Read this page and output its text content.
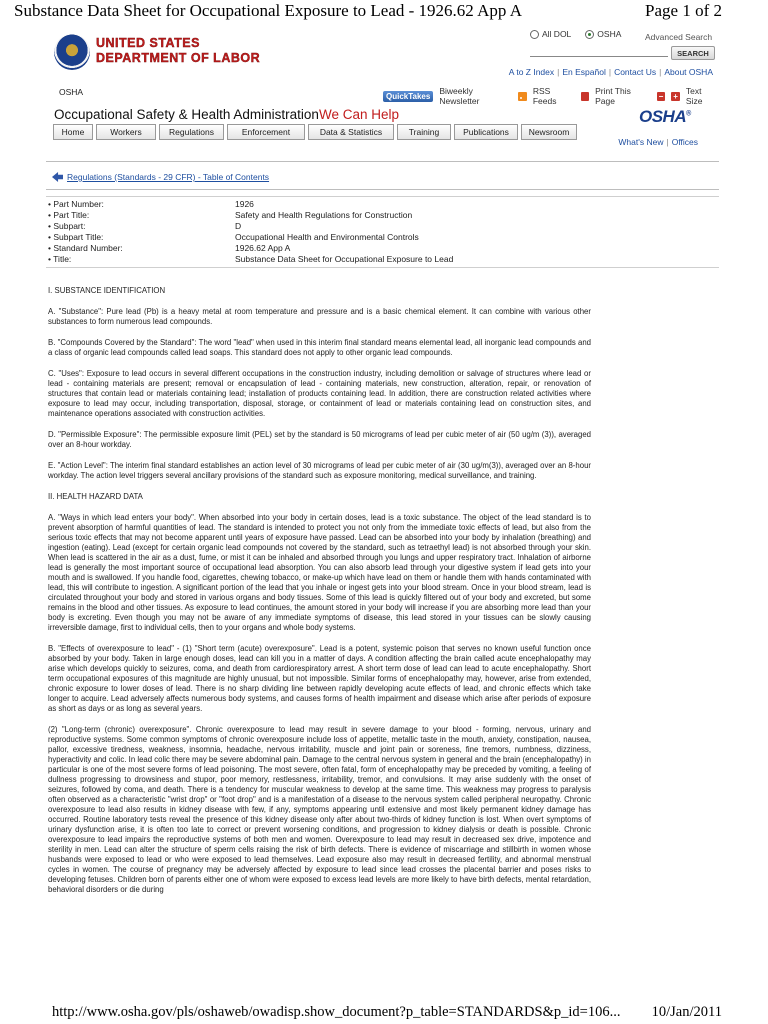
Substance Data Sheet for Occupational Exposure to Lead - 1926.62 App A	Page 1 of 2
UNITED STATES
DEPARTMENT OF LABOR
All DOL	OSHA	Advanced Search
SEARCH
A to Z Index | En Español | Contact Us | About OSHA
OSHA	QuickTakes	Biweekly Newsletter
RSS Feeds
Print This Page	− + Text Size
Occupational Safety & Health Administration We Can Help	OSHA®
Home	Workers	Regulations	Enforcement	Data & Statistics	Training	Publications	Newsroom
What's New | Offices
Regulations (Standards - 29 CFR) - Table of Contents
• Part Number:	1926
• Part Title:	Safety and Health Regulations for Construction
• Subpart:	D
• Subpart Title:	Occupational Health and Environmental Controls
• Standard Number:	1926.62 App A
• Title:	Substance Data Sheet for Occupational Exposure to Lead

I. SUBSTANCE IDENTIFICATION

A. "Substance": Pure lead (Pb) is a heavy metal at room temperature and pressure and is a basic chemical element. It can combine with various other substances to form numerous lead compounds.

B. "Compounds Covered by the Standard": The word "lead" when used in this interim final standard means elemental lead, all inorganic lead compounds and a class of organic lead compounds called lead soaps. This standard does not apply to other organic lead compounds.

C. "Uses": Exposure to lead occurs in several different occupations in the construction industry, including demolition or salvage of structures where lead or lead - containing materials are present; removal or encapsulation of lead - containing materials, new construction, alteration, repair, or renovation of structures that contain lead or materials containing lead; installation of products containing lead. In addition, there are construction related activities where exposure to lead may occur, including transportation, disposal, storage, or containment of lead or materials containing lead on construction sites, and maintenance operations associated with construction activities.

D. "Permissible Exposure": The permissible exposure limit (PEL) set by the standard is 50 micrograms of lead per cubic meter of air (50 ug/m (3)), averaged over an 8-hour workday.

E. "Action Level": The interim final standard establishes an action level of 30 micrograms of lead per cubic meter of air (30 ug/m(3)), averaged over an 8-hour workday. The action level triggers several ancillary provisions of the standard such as exposure monitoring, medical surveillance, and training.

II. HEALTH HAZARD DATA

A. "Ways in which lead enters your body". When absorbed into your body in certain doses, lead is a toxic substance. The object of the lead standard is to prevent absorption of harmful quantities of lead. The standard is intended to protect you not only from the immediate toxic effects of lead, but also from the serious toxic effects that may not become apparent until years of exposure have passed. Lead can be absorbed into your body by inhalation (breathing) and ingestion (eating). Lead (except for certain organic lead compounds not covered by the standard, such as tetraethyl lead) is not absorbed through your skin. When lead is scattered in the air as a dust, fume, or mist it can be inhaled and absorbed through you lungs and upper respiratory tract. Inhalation of airborne lead is generally the most important source of occupational lead absorption. You can also absorb lead through your digestive system if lead gets into your mouth and is swallowed. If you handle food, cigarettes, chewing tobacco, or make-up which have lead on them or handle them with hands contaminated with lead, this will contribute to ingestion. A significant portion of the lead that you inhale or ingest gets into your blood stream. Once in your blood stream, lead is circulated throughout your body and stored in various organs and body tissues. Some of this lead is quickly filtered out of your body and excreted, but some remains in the blood and other tissues. As exposure to lead continues, the amount stored in your body will increase if you are absorbing more lead than your body is excreting. Even though you may not be aware of any immediate symptoms of disease, this lead stored in your tissues can be slowly causing irreversible damage, first to individual cells, then to your organs and whole body systems.

B. "Effects of overexposure to lead" - (1) "Short term (acute) overexposure". Lead is a potent, systemic poison that serves no known useful function once absorbed by your body. Taken in large enough doses, lead can kill you in a matter of days. A condition affecting the brain called acute encephalopathy may arise which develops quickly to seizures, coma, and death from cardiorespiratory arrest. A short term dose of lead can lead to acute encephalopathy. Short term occupational exposures of this magnitude are highly unusual, but not impossible. Similar forms of encephalopathy may, however, arise from extended, chronic exposure to lower doses of lead. There is no sharp dividing line between rapidly developing acute effects of lead, and chronic effects which take longer to acquire. Lead adversely affects numerous body systems, and causes forms of health impairment and disease which arise after periods of exposure as short as days or as long as several years.

(2) "Long-term (chronic) overexposure". Chronic overexposure to lead may result in severe damage to your blood - forming, nervous, urinary and reproductive systems. Some common symptoms of chronic overexposure include loss of appetite, metallic taste in the mouth, anxiety, constipation, nausea, pallor, excessive tiredness, weakness, insomnia, headache, nervous irritability, muscle and joint pain or soreness, fine tremors, numbness, dizziness, hyperactivity and colic. In lead colic there may be severe abdominal pain. Damage to the central nervous system in general and the brain (encephalopathy) in particular is one of the most severe forms of lead poisoning. The most severe, often fatal, form of encephalopathy may be preceded by vomiting, a feeling of dullness progressing to drowsiness and stupor, poor memory, restlessness, irritability, tremor, and convulsions. It may arise suddenly with the onset of seizures, followed by coma, and death. There is a tendency for muscular weakness to develop at the same time. This weakness may progress to paralysis often observed as a characteristic "wrist drop" or "foot drop" and is a manifestation of a disease to the nervous system called peripheral neuropathy. Chronic overexposure to lead also results in kidney disease with few, if any, symptoms appearing until extensive and most likely permanent kidney damage has occurred. Routine laboratory tests reveal the presence of this kidney disease only after about two-thirds of kidney function is lost. When overt symptoms of urinary dysfunction arise, it is often too late to correct or prevent worsening conditions, and progression to kidney dialysis or death is possible. Chronic overexposure to lead impairs the reproductive systems of both men and women. Overexposure to lead may result in decreased sex drive, impotence and sterility in men. Lead can alter the structure of sperm cells raising the risk of birth defects. There is evidence of miscarriage and stillbirth in women whose husbands were exposed to lead or who were exposed to lead themselves. Lead exposure also may result in decreased fertility, and abnormal menstrual cycles in women. The course of pregnancy may be adversely affected by exposure to lead since lead crosses the placental barrier and poses risks to developing fetuses. Children born of parents either one of whom were exposed to excess lead levels are more likely to have birth defects, mental retardation, behavioral disorders or die during

http://www.osha.gov/pls/oshaweb/owadisp.show_document?p_table=STANDARDS&p_id=106... 10/Jan/2011
